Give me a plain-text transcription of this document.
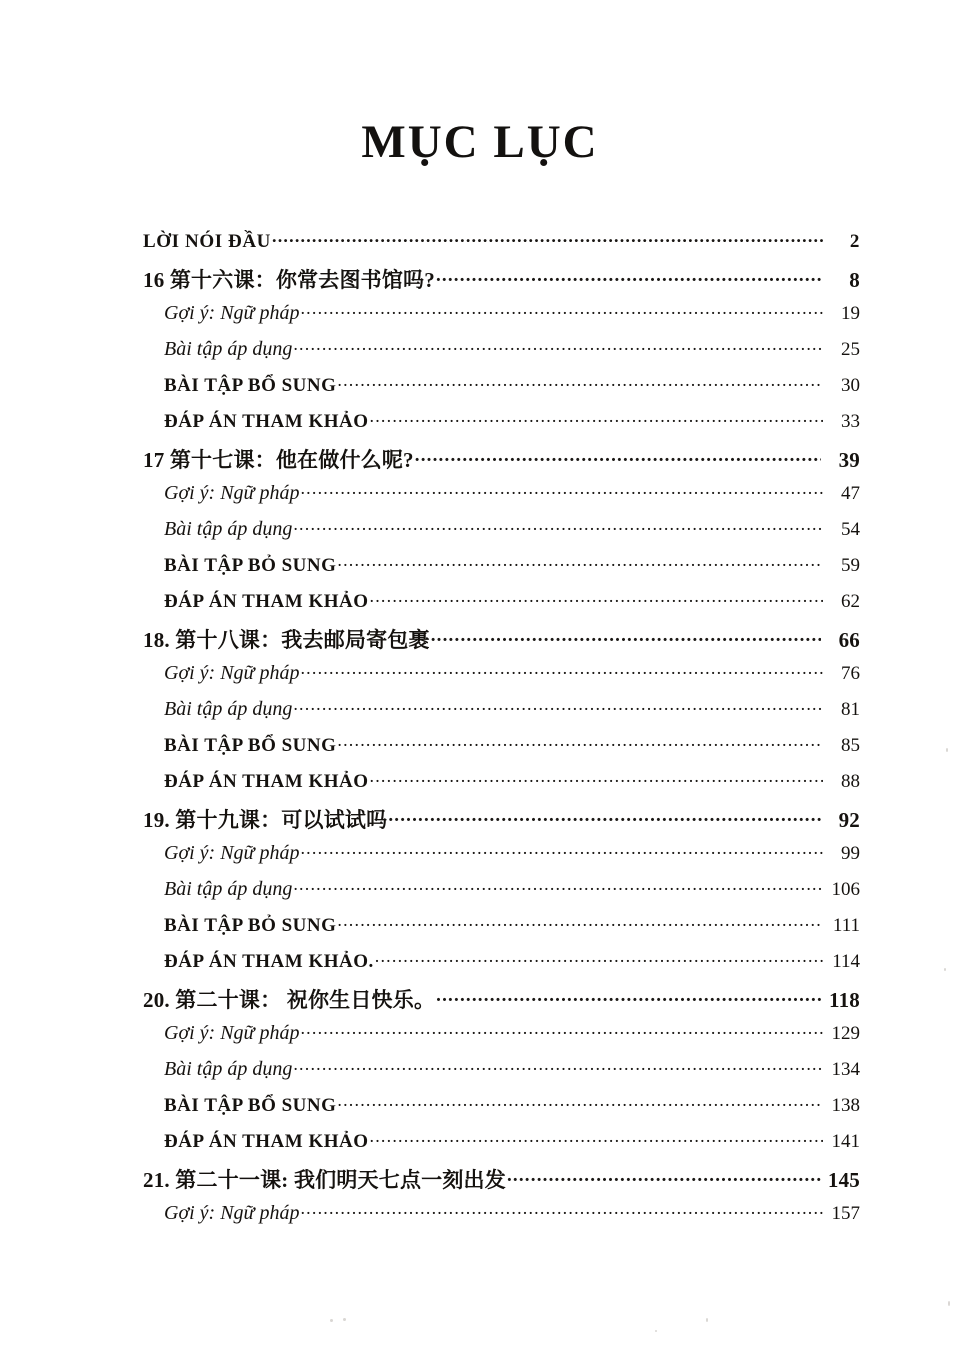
MỤC LỤC
LỜI NÓI ĐẦU .....	2
16 第十六课：你常去图书馆吗? .....	8
Gợi ý: Ngữ pháp .....	19
Bài tập áp dụng .....	25
BÀI TẬP BỔ SUNG .....	30
ĐÁP ÁN THAM KHẢO .....	33
17 第十七课：他在做什么呢? .....	39
Gợi ý: Ngữ pháp .....	47
Bài tập áp dụng .....	54
BÀI TẬP BỎ SUNG .....	59
ĐÁP ÁN THAM KHẢO .....	62
18. 第十八课：我去邮局寄包裹 .....	66
Gợi ý: Ngữ pháp .....	76
Bài tập áp dụng .....	81
BÀI TẬP BỔ SUNG .....	85
ĐÁP ÁN THAM KHẢO .....	88
19. 第十九课：可以试试吗 .....	92
Gợi ý: Ngữ pháp .....	99
Bài tập áp dụng .....	106
BÀI TẬP BỎ SUNG .....	111
ĐÁP ÁN THAM KHẢO. .....	114
20. 第二十课： 祝你生日快乐。 .....	118
Gợi ý: Ngữ pháp .....	129
Bài tập áp dụng .....	134
BÀI TẬP BỔ SUNG .....	138
ĐÁP ÁN THAM KHẢO .....	141
21. 第二十一课: 我们明天七点一刻出发 .....	145
Gợi ý: Ngữ pháp .....	157
